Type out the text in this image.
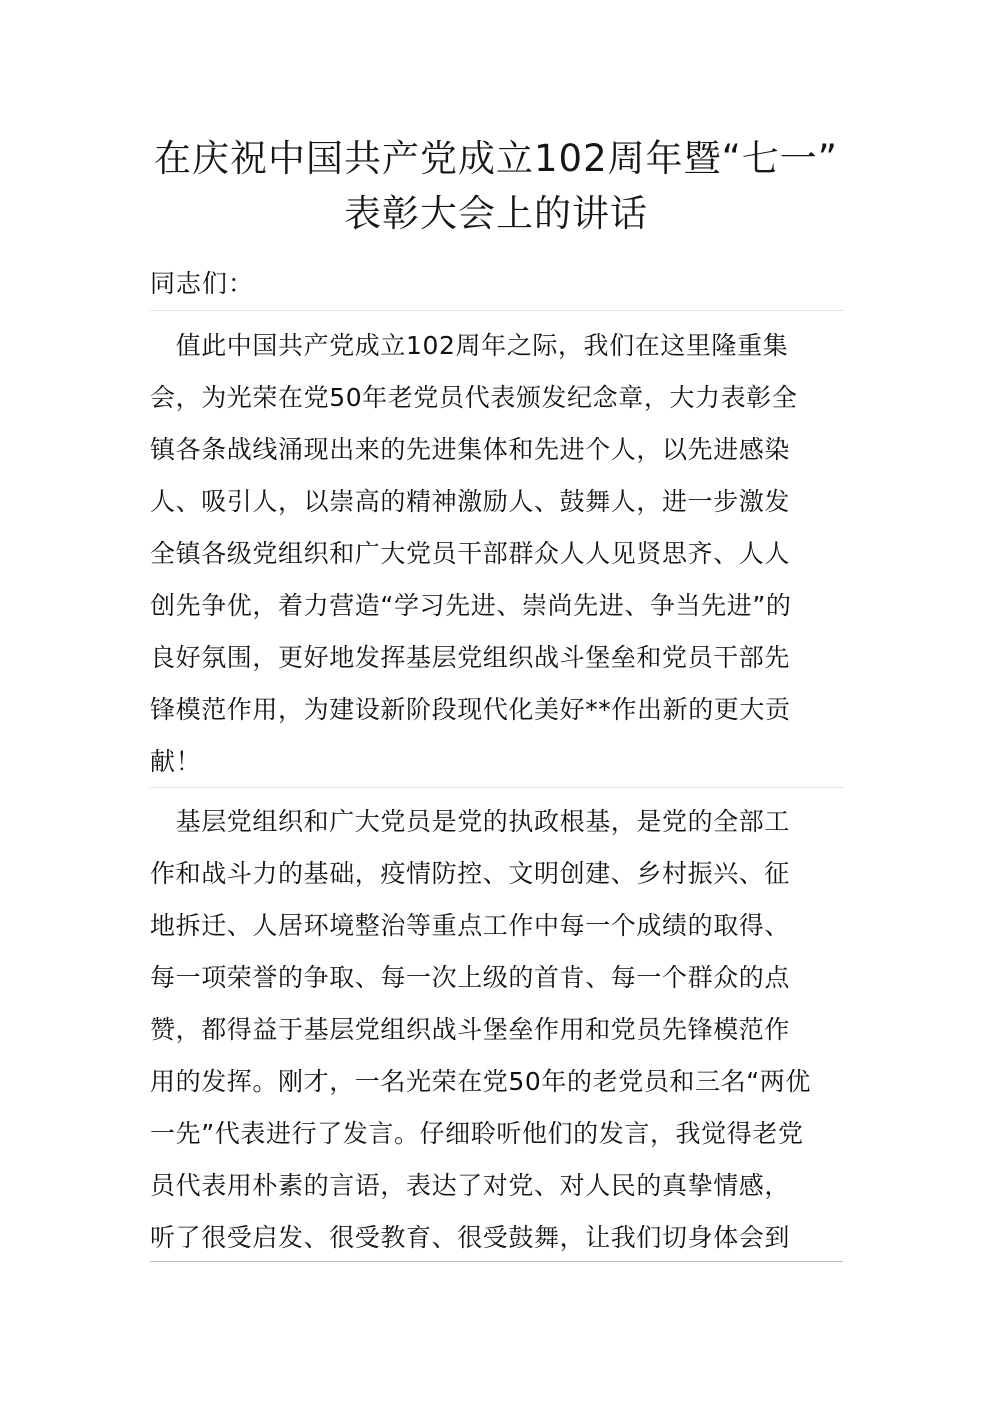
在庆祝中国共产党成立102周年暨“七一”
表彰大会上的讲话
同志们：
　值此中国共产党成立102周年之际，我们在这里隆重集
会，为光荣在党50年老党员代表颁发纪念章，大力表彰全
镇各条战线涌现出来的先进集体和先进个人，以先进感染
人、吸引人，以崇高的精神激励人、鼓舞人，进一步激发
全镇各级党组织和广大党员干部群众人人见贤思齐、人人
创先争优，着力营造“学习先进、崇尚先进、争当先进”的
良好氛围，更好地发挥基层党组织战斗堡垒和党员干部先
锋模范作用，为建设新阶段现代化美好**作出新的更大贡
献！
　基层党组织和广大党员是党的执政根基，是党的全部工
作和战斗力的基础，疫情防控、文明创建、乡村振兴、征
地拆迁、人居环境整治等重点工作中每一个成绩的取得、
每一项荣誉的争取、每一次上级的首肯、每一个群众的点
赞，都得益于基层党组织战斗堡垒作用和党员先锋模范作
用的发挥。刚才，一名光荣在党50年的老党员和三名“两优
一先”代表进行了发言。仔细聆听他们的发言，我觉得老党
员代表用朴素的言语，表达了对党、对人民的真挚情感，
听了很受启发、很受教育、很受鼓舞，让我们切身体会到
